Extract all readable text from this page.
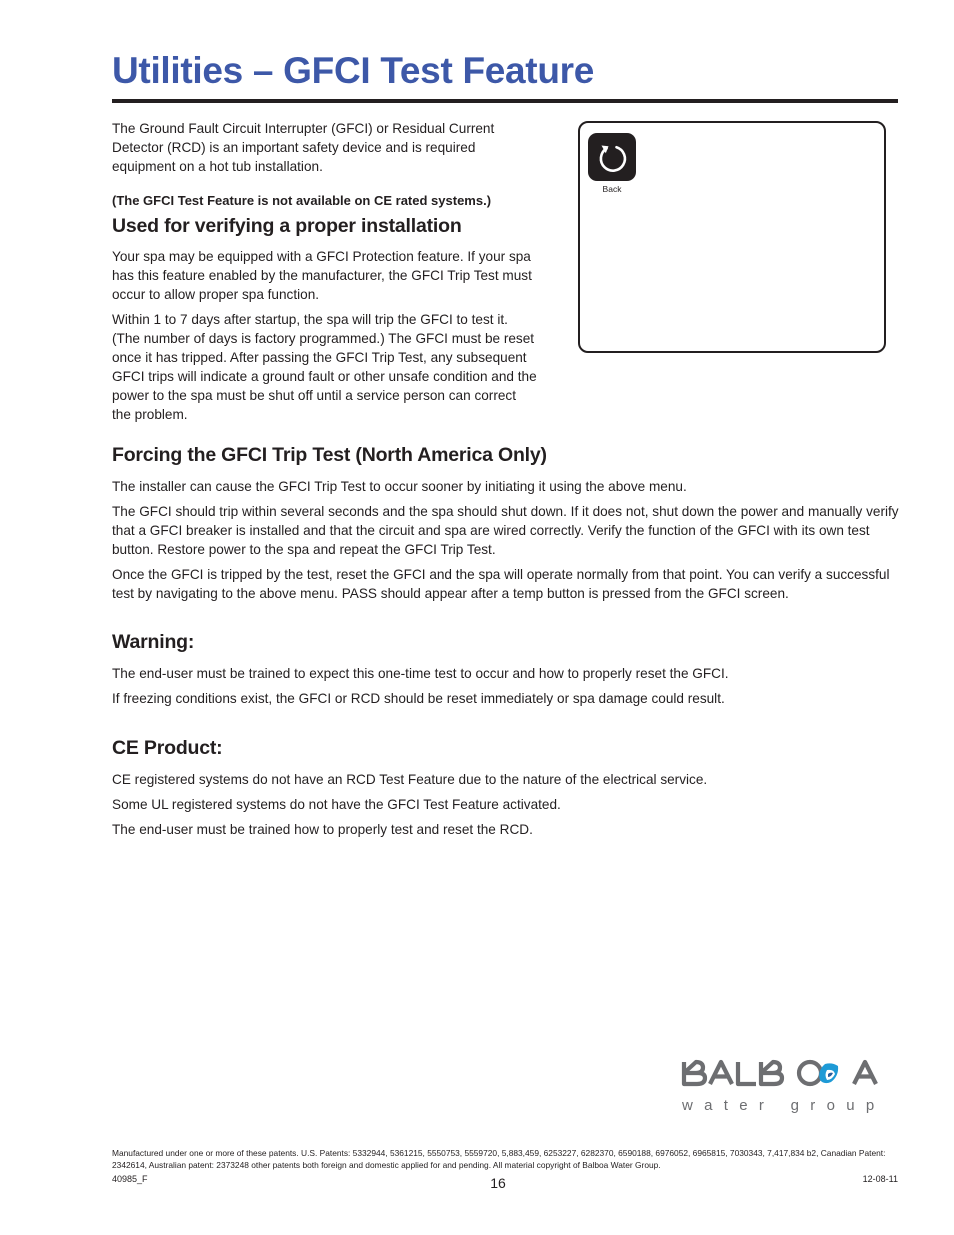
Utilities – GFCI Test Feature

The Ground Fault Circuit Interrupter (GFCI) or Residual Current Detector (RCD) is an important safety device and is required equipment on a hot tub installation.

(The GFCI Test Feature is not available on CE rated systems.)

Used for verifying a proper installation

Your spa may be equipped with a GFCI Protection feature. If your spa has this feature enabled by the manufacturer, the GFCI Trip Test must occur to allow proper spa function.

Within 1 to 7 days after startup, the spa will trip the GFCI to test it. (The number of days is factory programmed.) The GFCI must be reset once it has tripped. After passing the GFCI Trip Test, any subsequent GFCI trips will indicate a ground fault or other unsafe condition and the power to the spa must be shut off until a service person can correct the problem.

Back
Forcing the GFCI Trip Test (North America Only)

The installer can cause the GFCI Trip Test to occur sooner by initiating it using the above menu.

The GFCI should trip within several seconds and the spa should shut down. If it does not, shut down the power and manually verify that a GFCI breaker is installed and that the circuit and spa are wired correctly. Verify the function of the GFCI with its own test button. Restore power to the spa and repeat the GFCI Trip Test.

Once the GFCI is tripped by the test, reset the GFCI and the spa will operate normally from that point. You can verify a successful test by navigating to the above menu. PASS should appear after a temp button is pressed from the GFCI screen.

Warning:

The end-user must be trained to expect this one-time test to occur and how to properly reset the GFCI.

If freezing conditions exist, the GFCI or RCD should be reset immediately or spa damage could result.

CE Product:

CE registered systems do not have an RCD Test Feature due to the nature of the electrical service.

Some UL registered systems do not have the GFCI Test Feature activated.

The end-user must be trained how to properly test and reset the RCD.

water group
Manufactured under one or more of these patents. U.S. Patents: 5332944, 5361215, 5550753, 5559720, 5,883,459, 6253227, 6282370, 6590188, 6976052, 6965815, 7030343, 7,417,834 b2, Canadian Patent: 2342614, Australian patent: 2373248 other patents both foreign and domestic applied for and pending. All material copyright of Balboa Water Group.
40985_F	16	12-08-11
